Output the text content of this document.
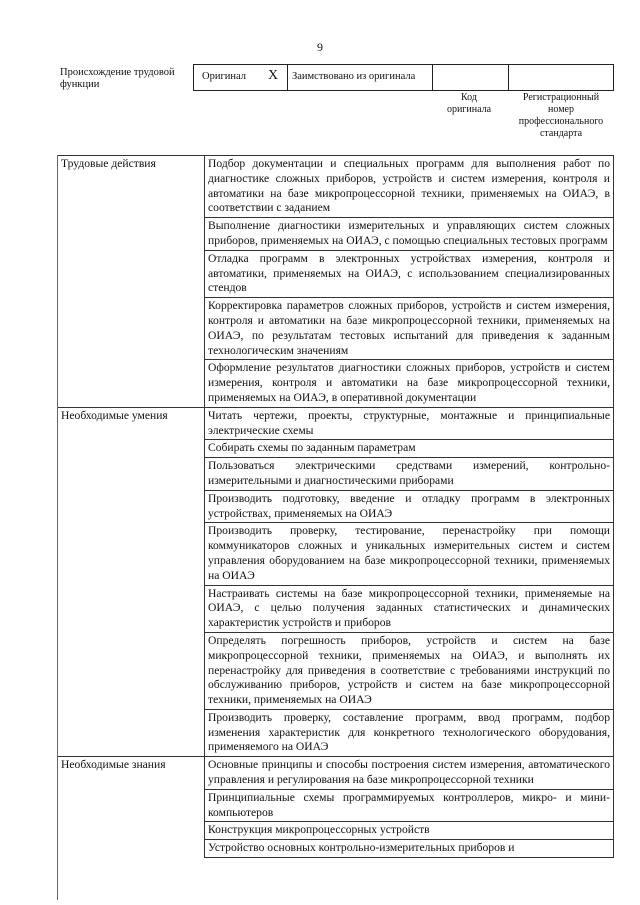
9
Происхождение трудовой функции
Оригинал X Заимствовано из оригинала
Код оригинала
Регистрационный номер профессионального стандарта
Трудовые действия	Подбор документации и специальных программ для выполнения работ по диагностике сложных приборов, устройств и систем измерения, контроля и автоматики на базе микропроцессорной техники, применяемых на ОИАЭ, в соответствии с заданием
	Выполнение диагностики измерительных и управляющих систем сложных приборов, применяемых на ОИАЭ, с помощью специальных тестовых программ
	Отладка программ в электронных устройствах измерения, контроля и автоматики, применяемых на ОИАЭ, с использованием специализированных стендов
	Корректировка параметров сложных приборов, устройств и систем измерения, контроля и автоматики на базе микропроцессорной техники, применяемых на ОИАЭ, по результатам тестовых испытаний для приведения к заданным технологическим значениям
	Оформление результатов диагностики сложных приборов, устройств и систем измерения, контроля и автоматики на базе микропроцессорной техники, применяемых на ОИАЭ, в оперативной документации
Необходимые умения	Читать чертежи, проекты, структурные, монтажные и принципиальные электрические схемы
	Собирать схемы по заданным параметрам
	Пользоваться электрическими средствами измерений, контрольно-измерительными и диагностическими приборами
	Производить подготовку, введение и отладку программ в электронных устройствах, применяемых на ОИАЭ
	Производить проверку, тестирование, перенастройку при помощи коммуникаторов сложных и уникальных измерительных систем и систем управления оборудованием на базе микропроцессорной техники, применяемых на ОИАЭ
	Настраивать системы на базе микропроцессорной техники, применяемые на ОИАЭ, с целью получения заданных статистических и динамических характеристик устройств и приборов
	Определять погрешность приборов, устройств и систем на базе микропроцессорной техники, применяемых на ОИАЭ, и выполнять их перенастройку для приведения в соответствие с требованиями инструкций по обслуживанию приборов, устройств и систем на базе микропроцессорной техники, применяемых на ОИАЭ
	Производить проверку, составление программ, ввод программ, подбор изменения характеристик для конкретного технологического оборудования, применяемого на ОИАЭ
Необходимые знания	Основные принципы и способы построения систем измерения, автоматического управления и регулирования на базе микропроцессорной техники
	Принципиальные схемы программируемых контроллеров, микро- и мини-компьютеров
	Конструкция микропроцессорных устройств
	Устройство основных контрольно-измерительных приборов и
